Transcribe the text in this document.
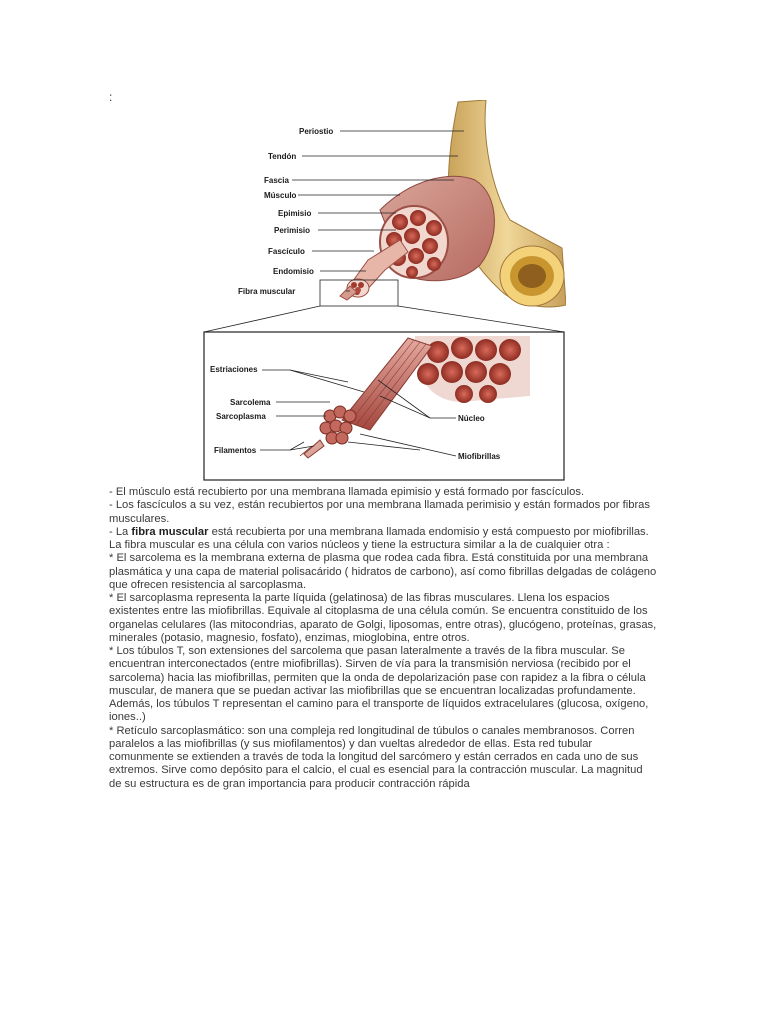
:
Periostio
Tendón
Fascia
Músculo
Epimisio
Perimisio
Fascículo
Endomisio
Fibra muscular
Estriaciones
Sarcolema
Sarcoplasma
Filamentos
Núcleo
Miofibrillas

- El músculo está recubierto por una membrana llamada epimisio y está formado por fascículos.

- Los fascículos a su vez, están recubiertos por una membrana llamada perimisio y están formados por fibras musculares.

- La fibra muscular está recubierta por una membrana llamada endomisio y está compuesto por miofibrillas. La fibra muscular es una célula con varios núcleos y tiene la estructura similar a la de cualquier otra :

* El sarcolema es la membrana externa de plasma que rodea cada fibra. Está constituida por una membrana plasmática y una capa de material polisacárido ( hidratos de carbono), así como fibrillas delgadas de colágeno que ofrecen resistencia al sarcoplasma.

* El sarcoplasma representa la parte líquida (gelatinosa) de las fibras musculares. Llena los espacios existentes entre las miofibrillas. Equivale al citoplasma de una célula común. Se encuentra constituido de los organelas celulares (las mitocondrias, aparato de Golgi, liposomas, entre otras), glucógeno, proteínas, grasas, minerales (potasio, magnesio, fosfato), enzimas, mioglobina, entre otros.

* Los túbulos T, son extensiones del sarcolema que pasan lateralmente a través de la fibra muscular. Se encuentran interconectados (entre miofibrillas). Sirven de vía para la transmisión nerviosa (recibido por el sarcolema) hacia las miofibrillas, permiten que la onda de depolarización pase con rapidez a la fibra o célula muscular, de manera que se puedan activar las miofibrillas que se encuentran localizadas profundamente. Además, los túbulos T representan el camino para el transporte de líquidos extracelulares (glucosa, oxígeno, iones..)

* Retículo sarcoplasmático: son una compleja red longitudinal de túbulos o canales membranosos. Corren paralelos a las miofibrillas (y sus miofilamentos) y dan vueltas alrededor de ellas. Esta red tubular comunmente se extienden a través de toda la longitud del sarcómero y están cerrados en cada uno de sus extremos. Sirve como depósito para el calcio, el cual es esencial para la contracción muscular. La magnitud de su estructura es de gran importancia para producir contracción rápida
